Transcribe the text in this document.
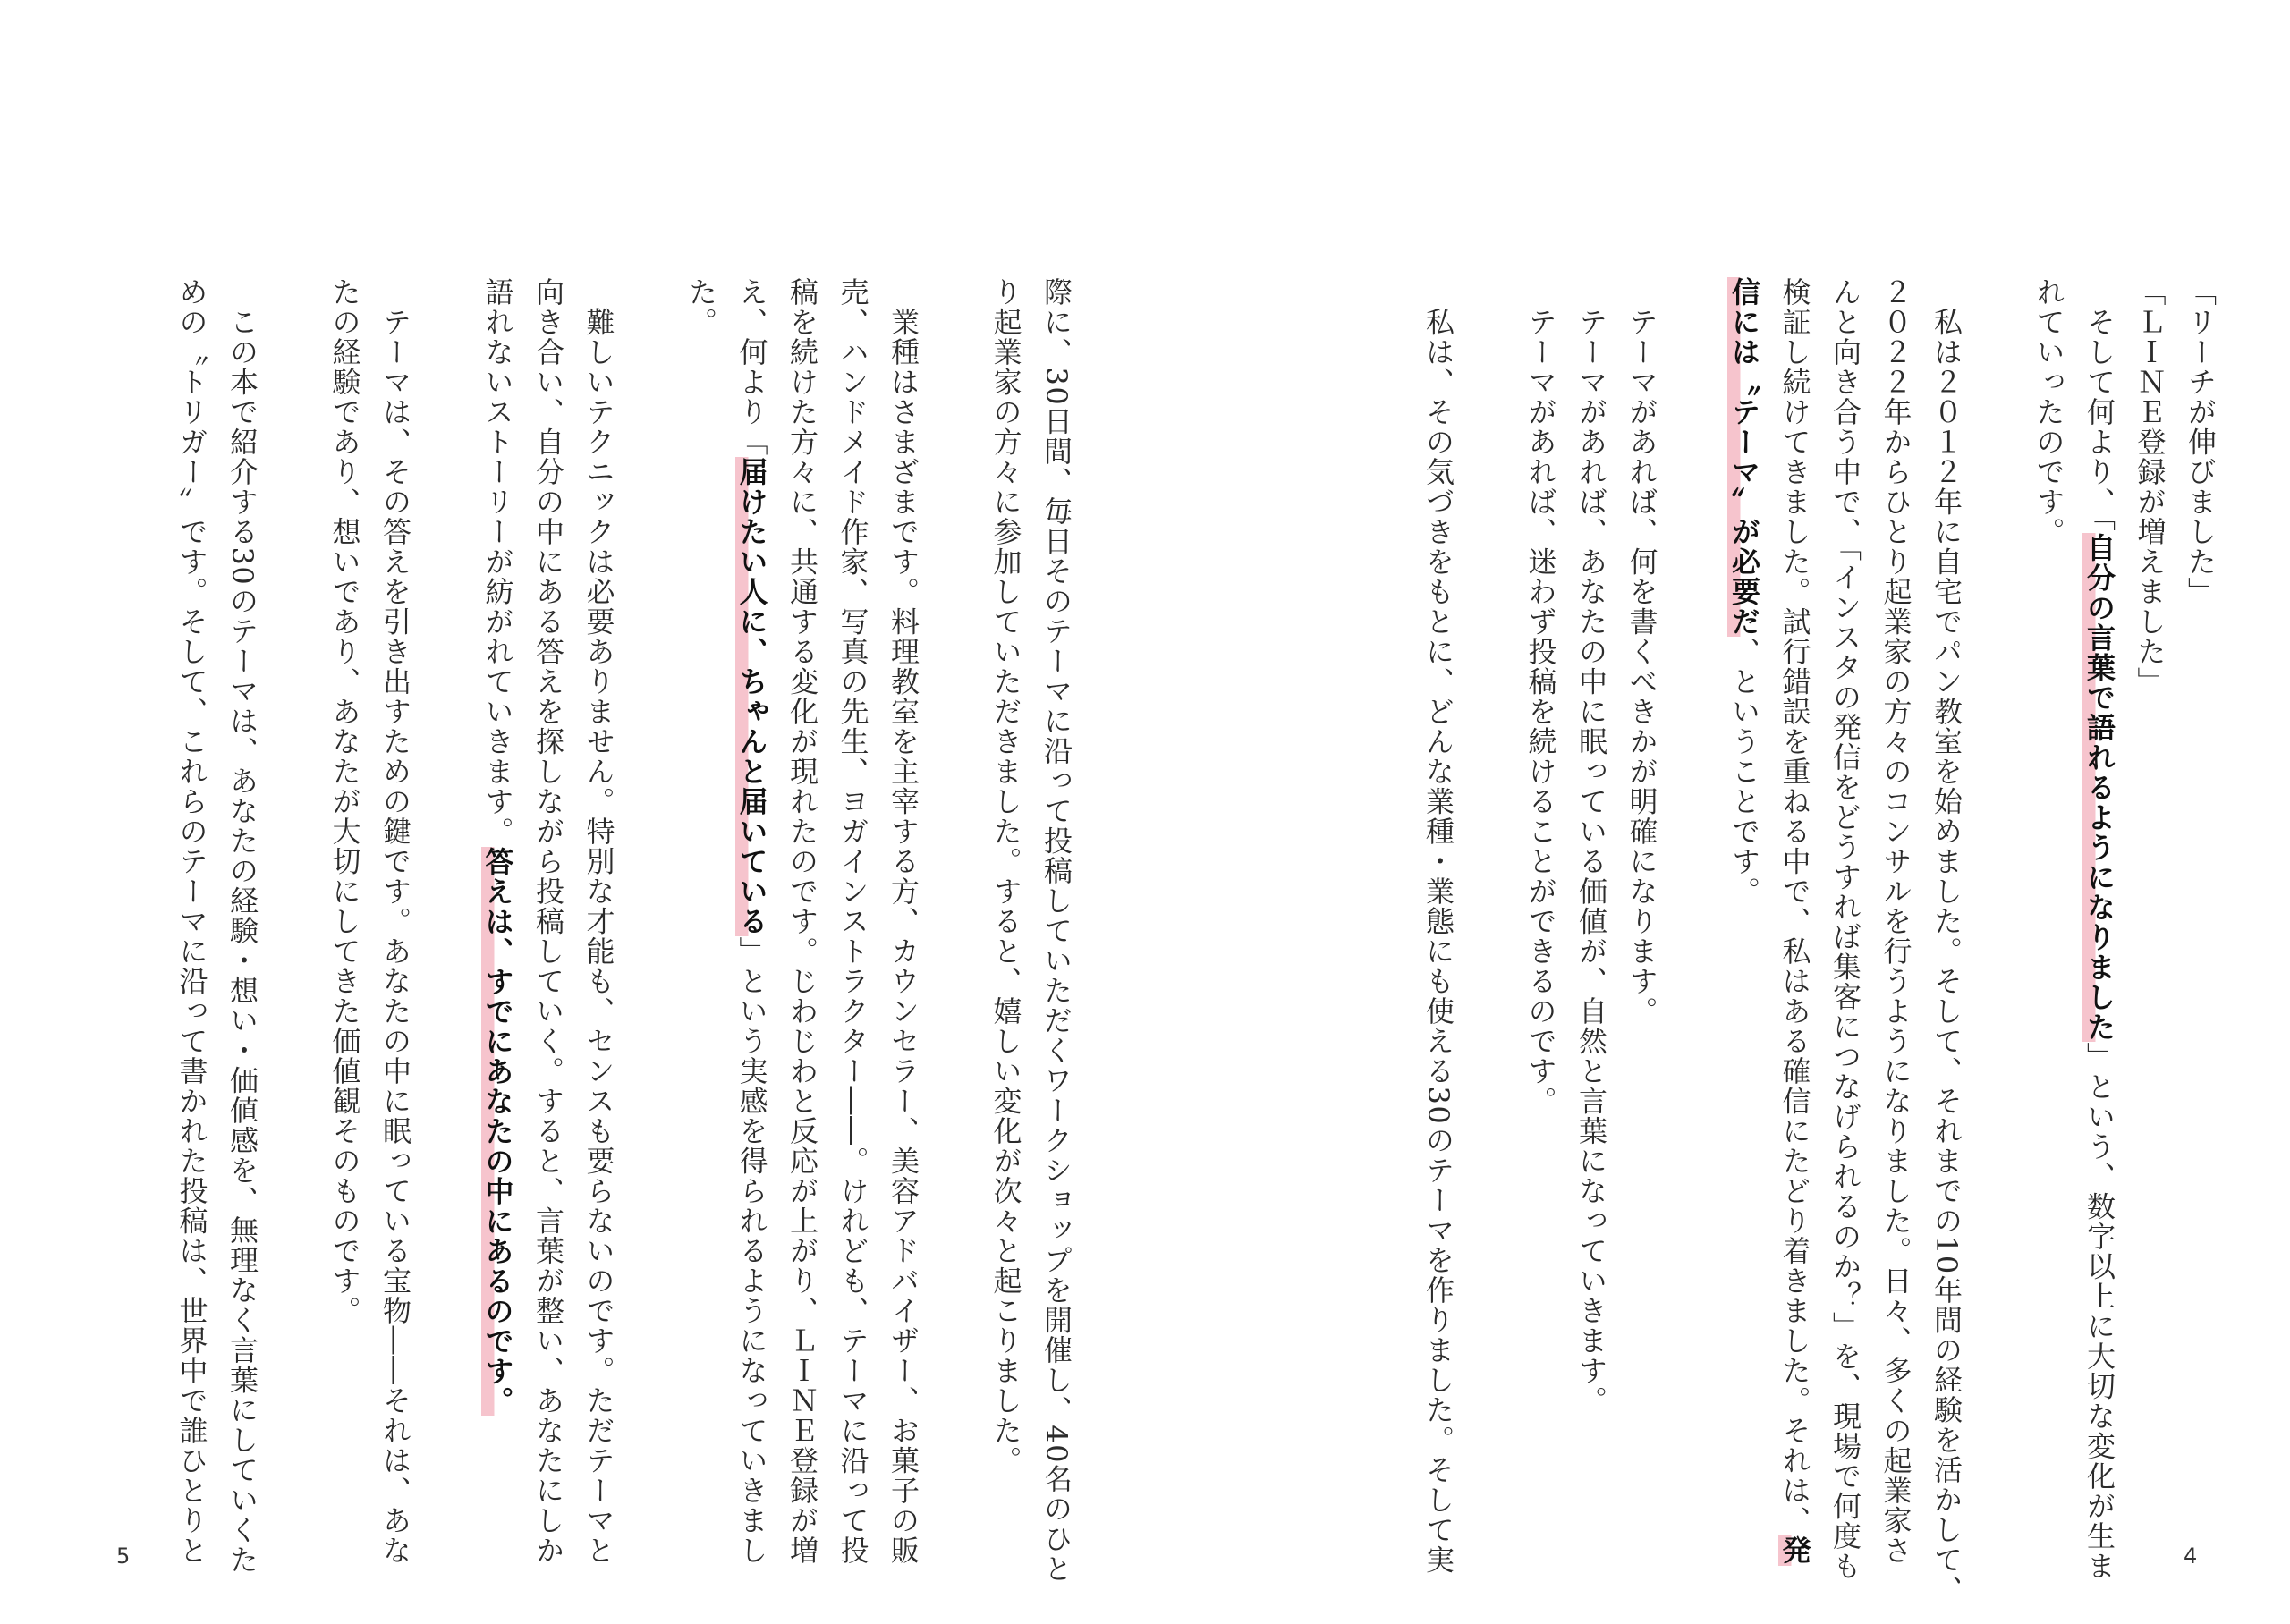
「リーチが伸びました」

「ＬＩＮＥ登録が増えました」

　そして何より、「自分の言葉で語れるようになりました」という、数字以上に大切な変化が生ま
れていったのです。

　私は２０１２年に自宅でパン教室を始めました。そして、それまでの10年間の経験を活かして、
２０２２年からひとり起業家の方々のコンサルを行うようになりました。日々、多くの起業家さ
んと向き合う中で、「インスタの発信をどうすれば集客につなげられるのか？」を、現場で何度も
検証し続けてきました。試行錯誤を重ねる中で、私はある確信にたどり着きました。それは、発
信には〝テーマ〟が必要だ、ということです。

　テーマがあれば、何を書くべきかが明確になります。
　テーマがあれば、あなたの中に眠っている価値が、自然と言葉になっていきます。
　テーマがあれば、迷わず投稿を続けることができるのです。

　私は、その気づきをもとに、どんな業種・業態にも使える30のテーマを作りました。そして実	4

際に、30日間、毎日そのテーマに沿って投稿していただくワークショップを開催し、40名のひと
り起業家の方々に参加していただきました。すると、嬉しい変化が次々と起こりました。

　業種はさまざまです。料理教室を主宰する方、カウンセラー、美容アドバイザー、お菓子の販
売、ハンドメイド作家、写真の先生、ヨガインストラクター――。けれども、テーマに沿って投
稿を続けた方々に、共通する変化が現れたのです。じわじわと反応が上がり、ＬＩＮＥ登録が増
え、何より「届けたい人に、ちゃんと届いている」という実感を得られるようになっていきまし
た。

　難しいテクニックは必要ありません。特別な才能も、センスも要らないのです。ただテーマと
向き合い、自分の中にある答えを探しながら投稿していく。すると、言葉が整い、あなたにしか
語れないストーリーが紡がれていきます。答えは、すでにあなたの中にあるのです。

　テーマは、その答えを引き出すための鍵です。あなたの中に眠っている宝物――それは、あな
たの経験であり、想いであり、あなたが大切にしてきた価値観そのものです。

　この本で紹介する30のテーマは、あなたの経験・想い・価値感を、無理なく言葉にしていくた
めの〝トリガー〟です。そして、これらのテーマに沿って書かれた投稿は、世界中で誰ひとりと

5
